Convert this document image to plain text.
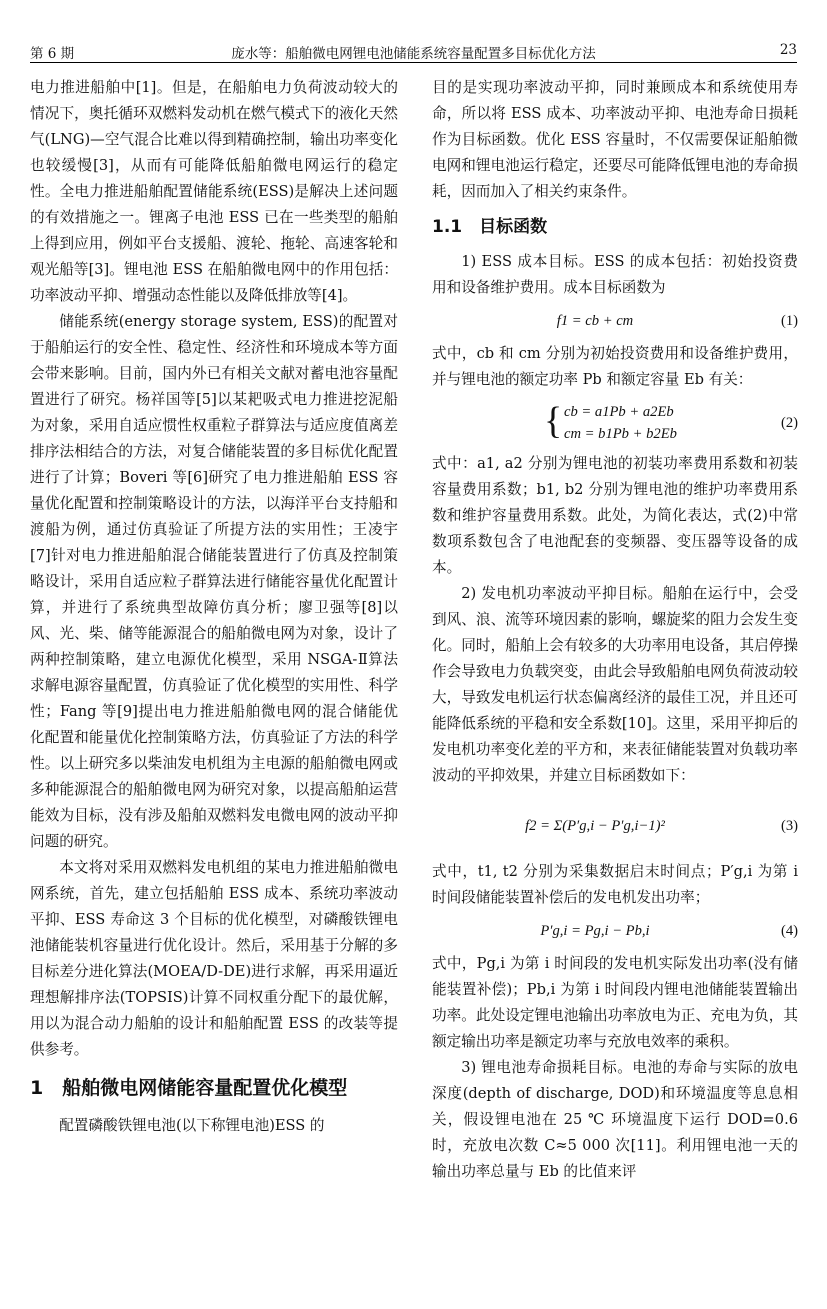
第 6 期	庞水等：船舶微电网锂电池储能系统容量配置多目标优化方法	23

电力推进船舶中[1]。但是，在船舶电力负荷波动较大的情况下，奥托循环双燃料发动机在燃气模式下的液化天然气(LNG)—空气混合比难以得到精确控制，输出功率变化也较缓慢[3]，从而有可能降低船舶微电网运行的稳定性。全电力推进船舶配置储能系统(ESS)是解决上述问题的有效措施之一。锂离子电池 ESS 已在一些类型的船舶上得到应用，例如平台支援船、渡轮、拖轮、高速客轮和观光船等[3]。锂电池 ESS 在船舶微电网中的作用包括：功率波动平抑、增强动态性能以及降低排放等[4]。

储能系统(energy storage system, ESS)的配置对于船舶运行的安全性、稳定性、经济性和环境成本等方面会带来影响。目前，国内外已有相关文献对蓄电池容量配置进行了研究。杨祥国等[5]以某耙吸式电力推进挖泥船为对象，采用自适应惯性权重粒子群算法与适应度值离差排序法相结合的方法，对复合储能装置的多目标优化配置进行了计算；Boveri 等[6]研究了电力推进船舶 ESS 容量优化配置和控制策略设计的方法，以海洋平台支持船和渡船为例，通过仿真验证了所提方法的实用性；王凌宇[7]针对电力推进船舶混合储能装置进行了仿真及控制策略设计，采用自适应粒子群算法进行储能容量优化配置计算，并进行了系统典型故障仿真分析；廖卫强等[8]以风、光、柴、储等能源混合的船舶微电网为对象，设计了两种控制策略，建立电源优化模型，采用 NSGA-Ⅱ算法求解电源容量配置，仿真验证了优化模型的实用性、科学性；Fang 等[9]提出电力推进船舶微电网的混合储能优化配置和能量优化控制策略方法，仿真验证了方法的科学性。以上研究多以柴油发电机组为主电源的船舶微电网或多种能源混合的船舶微电网为研究对象，以提高船舶运营能效为目标，没有涉及船舶双燃料发电微电网的波动平抑问题的研究。

本文将对采用双燃料发电机组的某电力推进船舶微电网系统，首先，建立包括船舶 ESS 成本、系统功率波动平抑、ESS 寿命这 3 个目标的优化模型，对磷酸铁锂电池储能装机容量进行优化设计。然后，采用基于分解的多目标差分进化算法(MOEA/D-DE)进行求解，再采用逼近理想解排序法(TOPSIS)计算不同权重分配下的最优解，用以为混合动力船舶的设计和船舶配置 ESS 的改装等提供参考。

1　船舶微电网储能容量配置优化模型

配置磷酸铁锂电池(以下称锂电池)ESS 的

目的是实现功率波动平抑，同时兼顾成本和系统使用寿命，所以将 ESS 成本、功率波动平抑、电池寿命日损耗作为目标函数。优化 ESS 容量时，不仅需要保证船舶微电网和锂电池运行稳定，还要尽可能降低锂电池的寿命损耗，因而加入了相关约束条件。

1.1　目标函数

1) ESS 成本目标。ESS 的成本包括：初始投资费用和设备维护费用。成本目标函数为

f1 = cb + cm	(1)

式中，cb 和 cm 分别为初始投资费用和设备维护费用，并与锂电池的额定功率 Pb 和额定容量 Eb 有关：

{ cb = a1Pb + a2Eb
cm = b1Pb + b2Eb
(2)

式中：a1, a2 分别为锂电池的初装功率费用系数和初装容量费用系数；b1, b2 分别为锂电池的维护功率费用系数和维护容量费用系数。此处，为简化表达，式(2)中常数项系数包含了电池配套的变频器、变压器等设备的成本。

2) 发电机功率波动平抑目标。船舶在运行中，会受到风、浪、流等环境因素的影响，螺旋桨的阻力会发生变化。同时，船舶上会有较多的大功率用电设备，其启停操作会导致电力负载突变，由此会导致船舶电网负荷波动较大，导致发电机运行状态偏离经济的最佳工况，并且还可能降低系统的平稳和安全系数[10]。这里，采用平抑后的发电机功率变化差的平方和，来表征储能装置对负载功率波动的平抑效果，并建立目标函数如下：

f2 = Σ(P′g,i − P′g,i−1)²	(3)

式中，t1, t2 分别为采集数据启末时间点；P′g,i 为第 i 时间段储能装置补偿后的发电机发出功率；

P′g,i = Pg,i − Pb,i	(4)

式中，Pg,i 为第 i 时间段的发电机实际发出功率(没有储能装置补偿)；Pb,i 为第 i 时间段内锂电池储能装置输出功率。此处设定锂电池输出功率放电为正、充电为负，其额定输出功率是额定功率与充放电效率的乘积。

3) 锂电池寿命损耗目标。电池的寿命与实际的放电深度(depth of discharge, DOD)和环境温度等息息相关，假设锂电池在 25 ℃ 环境温度下运行 DOD=0.6 时，充放电次数 C≈5 000 次[11]。利用锂电池一天的输出功率总量与 Eb 的比值来评
